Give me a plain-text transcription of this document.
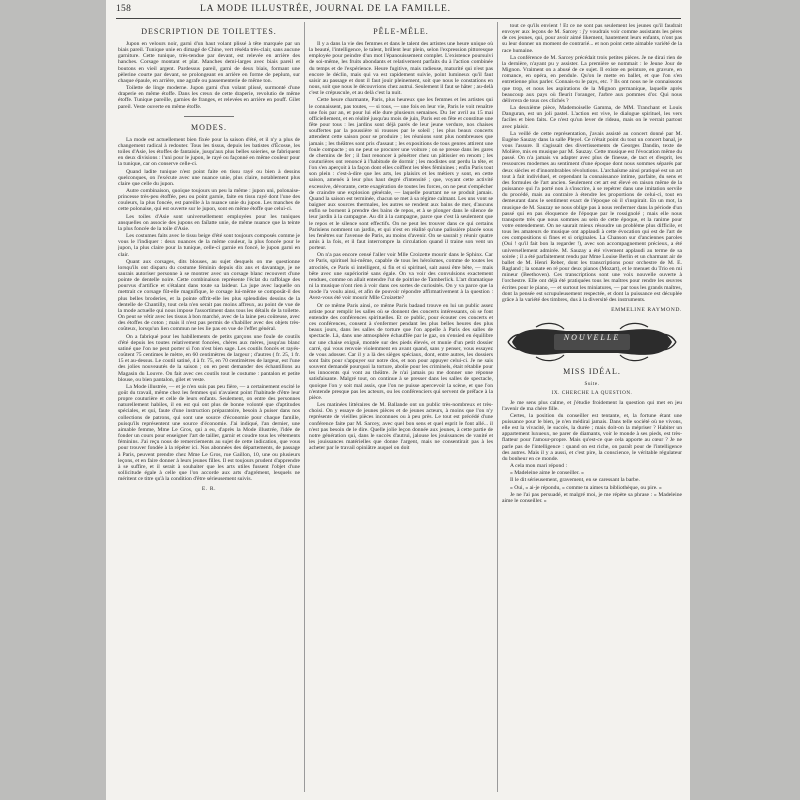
158	LA MODE ILLUSTRÉE, JOURNAL DE LA FAMILLE.
DESCRIPTION DE TOILETTES.

Jupon en velours noir, garni d'un haut volant plissé à tête marquée par un biais pareil. Tunique unie en dimagé de Chine, vert réséda très-clair, sans aucune garniture. Cette tunique, très-tendue par devant, est relevée en arrière des hanches. Corsage montant et plat. Manches demi-larges avec biais pareil et boutons en vieil argent. Pardessus pareil, garni de deux biais, formant une pèlerine courte par devant, se prolongeant en arrière en forme de peplum, sur chaque épaule, en arrière, une agrafe ou passementerie de même ton.

Toilette de linge moderne. Jupon garni d'un volant plissé, surmonté d'une draperie en même étoffe. Dans les creux de cette draperie, revolutio de même étoffe. Tunique pareille, garnies de franges, et relevées en arrière en pouff. Gilet pareil. Veste ouverte en même étoffe.

MODES.

La mode est actuellement bien fixée pour la saison d'été, et il n'y a plus de changement radical à redouter. Tous les tissus, depuis les batistes d'Écosse, les toiles d'Asie, les étoffes de fantaisie, jusqu'aux plus belles soieries, se fabriquent en deux divisions : l'uni pour le jupon, le rayé ou façonné en même couleur pour la tunique, car on conserve celle-ci.

Quand ladite tunique n'est point faite en tissu rayé ou bien à dessins quelconques, on l'exécute avec une nuance unie, plus claire, notablement plus claire que celle du jupon.

Autre combinaison, quoique toujours un peu la même : jupon uni, polonaise-princesse très-peu étoffée, peu ou point garnie, faite en tissu rayé dont l'une des couleurs, la plus foncée, est pareille à la nuance unie du jupon. Les manches de cette polonaise, qui est ouverte sur le jupon, sont en même étoffe que celui-ci.

Les toiles d'Asie sont universellement employées pour les tuniques ansquelles on associe des jupons en faïlatte unie, de même nuance que la teinte la plus foncée de la toile d'Asie.

Les costumes faits avec le tissu beige d'été sont toujours composés comme je vous le l'indiquer : deux nuances de la même couleur, la plus foncée pour le jupon, la plus claire pour la tunique, celle-ci garnie en foncé, le jupon garni en clair.

Quant aux corsages, dits blouses, au sujet desquels on me questionne lorsqu'ils ont disparu du costume féminin depuis dix ans et davantage, je ne saurais autoriser personne à se montrer avec un corsage blanc recouvert d'une pointe de dentelle noire. Cette combinaison représente l'éclat du raffolage des pourvus d'artifice et s'étalant dans toute sa laideur. La jupe avec laquelle on mettrait ce corsage fût-elle magnifique, le corsage lui-même se composât-il des plus belles broderies, et la pointe offrit-elle les plus splendides dessins de la dentelle de Chantilly, tout cela n'en serait pas moins affreux, au point de vue de la mode actuelle qui nous impose l'assortiment dans tous les détails de la toilette. On peut se vêtir avec les tissus à bon marché, avec de la laine peu coûteuse, avec des étoffes de coton ; mais il n'est pas permis de s'habiller avec des objets très-coûteux, lorsqu'un lien commun ne les lie pas en vue de l'effet général.

On a fabriqué pour les habillements de petits garçons une foule de coutils d'été depuis les toutes relativement foncées, chères aux mères, jusqu'au blanc satiné que l'on ne peut porter si l'on n'est bien sage. Les coutils foncés et rayés-coûtent 75 centimes le mètre, en 60 centimètres de largeur ; d'autres ( fr. 25, 1 fr. 15 et au-dessus. Le coutil satiné, 4 à fr. 75, en 70 centimètres de largeur, est l'une des jolies nouveautés de la saison ; on en peut demander des échantillons au Magasin du Louvre. On fait avec ces coutils tout le costume : pantalon et petite blouse, ou bien pantalon, gilet et veste.

La Mode illustrée, — et je n'en suis pas peu fière, — a certainement excité le goût du travail, même chez les femmes qui n'avaient point l'habitude d'être leur propre couturière et celle de leurs enfants. Seulement, on entre des personnes naturellement habiles, il en est qui ont plus de bonne volonté que d'aptitudes spéciales, et qui, faute d'une instruction préparatoire, besoin à puiser dans nos collections de patrons, qui sont une source d'économie pour chaque famille, puisqu'ils représentent une source d'économie. J'ai indiqué, l'an dernier, une aimable femme, Mme Le Gros, qui a eu, d'après la Mode illustrée, l'idée de fonder un cours pour enseigner l'art de tailler, garnir et coudre tous les vêtements féminins. J'ai reçu nous de remerciements au sujet de cette indication, que vous pour trouver fondée à la répéter ici. Nos abonnées des départements, de passage à Paris, peuvent prendre chez Mme Le Gros, rue Gaillon, 10, une ou plusieurs leçons, et en faire donner à leurs jeunes filles. Il est toujours prudent d'apprendre à se suffire, et il serait à souhaiter que les arts utiles fussent l'objet d'une sollicitude égale à celle que l'on accorde aux arts d'agrément, lesquels ne méritent ce titre qu'à la condition d'être sérieusement suivis.

E. R.

PÊLE-MÊLE.

Il y a dans la vie des femmes et dans le talent des artistes une heure unique où la beauté, l'intelligence, le talent, brillent leur plein, selon l'expression pittoresque employée pour peindre d'un mot l'épanouissement complet. L'existence poursuivi de soi-même, les fruits abondants et relativement parfaits du à l'action combinée du temps et de l'expérience. Heure fugitive, mais radieuse, maturité qui n'est pas encore le déclin, mais qui va est rapidement suivie, point lumineux qu'il faut saisir au passage et dont il faut jouir pleinement, soit que nous le constations en nous, soit que nous le découvrions chez autrui. Seulement il faut se hâter ; au-delà c'est le crépuscule, et au delà c'est la nuit.

Cette heure charmante, Paris, plus heureux que les femmes et les artistes qui le connaissent, pas toutes, — si tous, — une fois en leur vie, Paris le voit renaître une fois par an, et pour lui elle dure plusieurs semaines. Du 1er avril au 15 mai officiellement, et en réalité jusqu'au mois de juin, Paris est en fête et constitue une fête pour tous : les jardins sont déjà parés de leur jeune verdure, nos chaises souffertes par la poussière ni rousses par le soleil ; les plus beaux concerts attendent cette saison pour se produire ; les réunions sont plus nombreuses que jamais ; les théâtres sont pris d'assaut ; les expositions de tous genres attirent une foule compacte ; on ne peut se procurer une voiture ; on se presse dans les gares de chemins de fer ; il faut renoncer à pénétrer chez un pâtissier en renom ; les couturières ont renoncé à l'habitude de dormir ; les modistes ont perdu la tête, et l'on s'en aperçoit à la façon dont elles coiffent les têtes féminines ; enfin Paris tout son plein : c'est-à-dire que les arts, les plaisirs et les métiers y sont, en cette saison, amenés à leur plus haut degré d'intensité ; que, voyant cette activité excessive, dévorante, cette exagération de toutes les forces, on ne peut s'empêcher de craindre une explosion générale, — laquelle pourtant ne se produit jamais. Quand la saison est terminée, chacun se met à sa régime calmant. Les uns vont se baigner aux sources thermales, les autres se rendent aux bains de mer, d'aucuns enfin se bornent à prendre des bains de repos, et à se plonger dans le silence de leur jardin à la campagne. Au dit à la campagne, parce que c'est là seulement que le repos et le silence sont effectifs. On ne peut les trouver dans ce qui certains Parisiens nomment un jardin, et qui n'est en réalité qu'une palissière placée sous les fenêtres sur l'avenue de Paris, au moins d'avenir. On se saurait y réunir quatre amis à la fois, et il faut interrompre la circulation quand il traine son vent un porteur.

On n'a pas encore censé l'aller voir Mlle Croizette mourir dans le Sphinx. Car ce Paris, spirituel lui-même, capable de tous les héroïsmes, comme de toutes les atrocités, ce Paris si intelligent, si fin et si spirituel, sait aussi être bête, — mais bête avec une supériorité sans égale. On va voir des convulsions exactement rendues, comme on allait entendre l'ut de poitrine de Tamberlick. L'art dramatique ni la musique n'ont rien à voir dans ces sortes de curiosités. On y va parce que la mode l'a voulu ainsi, et afin de pouvoir répondre affirmativement à la question : Avez-vous été voir mourir Mlle Croizette?

Or ce même Paris ainsi, ce même Paris badaud trouve en lui un public assez artiste pour remplir les salles où se donnent des concerts intéressants, où se font entendre des conférences spirituelles. Et ce public, pour écouter ces concerts et ces conférences, consent à s'enfermer pendant les plus belles heures des plus beaux jours, dans les salles de torture que l'on appelle à Paris des salles de spectacle. Là, dans une atmosphère échauffée par le gaz, on s'ensied en équilibre sur une chaise exiguë, montée sur des pieds élevés, et munie d'un petit dossier carré, qui vous renvoie violemment en avant quand, sans y penser, vous essayez de vous adosser. Car il y a là des sièges spéciaux, dont, entre autres, les dossiers sont faits pour s'appuyer sur notre dos, et non pour appuyer celui-ci. Je ne sais souvent demandé pourquoi la torture, abolie pour les criminels, était rétablie pour les innocents qui vont au théâtre. Je n'ai jamais pu me donner une réponse satisfaisante. Malgré tout, on continue à se presser dans les salles de spectacle, quoique l'on y soit mal assis, que l'on ne puisse apercevoir la scène, et que l'on n'entende presque pas les acteurs, ou les conférenciers qui servent de préface à la pièce.

Les matinées littéraires de M. Ballande ont un public très-nombreux et très-choisi. On y essaye de jeunes pièces et de jeunes acteurs, à moins que l'on n'y représente de vieilles pièces inconnues ou à peu près. Le tout est précédé d'une conférence faite par M. Sarcey, avec quel bon sens et quel esprit le font allé... il n'est pas besoin de le dire. Quelle jolie leçon donnée aux jeunes, à cette partie de notre génération qui, dans le succès d'autrui, jalouse les jouissances de vanité et les jouissances matérielles que donne l'argent, mais ne consentirait pas à les acheter par le travail opiniâtre auquel on doit

tout ce qu'ils envient ! Et ce ne sont pas seulement les jeunes qu'il faudrait envoyer aux leçons de M. Sarcey : j'y voudrais voir comme assistants les pères de ces jeunes, qui, pour avoir aimé likement, hautement leurs enfants, n'ont pas su leur donner un moment de contrarié... et non point cette aimable variété de la race humaine.

La conférence de M. Sarcey précédait trois petites pièces. Je ne dirai rien de la dernière, n'ayant pu y assister. La première se nommait : le Jeune Jour de Mignon. Vraiment on a abusé de ce sujet. Il existe en peinture, en gravure, en romance, en opéra, en pendule. Qu'on le mette en ballet, et que l'on s'en entretienne plus parler. Connais-tu le pays, etc. ? Ils ont nous ne le connaissons que trop, et nous les aspirations de la Mignon germanique, laquelle après beaucoup aux pays où fleurit l'oranger, l'arbre aux pommes d'or. Qui nous délivrera de tous ces clichés ?

La deuxième pièce, Mademoiselle Gamma, de MM. Tranchant et Louis Danguran, est un joli pastel. L'action est vive, le dialogue spirituel, les vers faciles et bien faits. Ce n'est qu'un lever de rideau, mais on le verrait partout avec plaisir.

La veillé de cette représentation, j'avais assisté au concert donné par M. Eugène Sauzay dans la salle Pleyel. Ce n'était point du tout un concert banal, je vous l'assure. Il s'agissait des divertissements de Georges Dandin, texte de Molière, mis en musique par M. Sauzay. Cette musique est l'évocation même du passé. On n'a jamais vu adapter avec plus de finesse, de tact et d'esprit, les ressources modernes au sentiment d'une époque dont nous sommes séparés par deux siècles et d'innombrables révolutions. L'archaïsme ainsi pratiqué est un art tout à fait individuel, et cependant la connaissance intime, parfaite, du sens et des formules de l'art ancien. Seulement cet art est élevé en raison même de la puissance qui l'a porté non à s'inscrire, à se repétrer dans une imitation servile du procédé, mais au contraire à étendre les proportions de celui-ci, tout en demeurant dans le sentiment exact de l'époque où il s'inspirait. En un mot, la musique de M. Sauzay ne nous oblige pas à nous renfermer dans la période d'un passé qui en pas éloquence de l'époque par le rossignolé ; mais elle nous transporte très que nous sommes au sein de cette époque, et la ranime pour votre entendement. On ne saurait mieux résoudre un problème plus difficile, et tous les amateurs de musique ont applaudi à cette évocation qui est de l'art de ces compositions si fines et si originales. La Chanson sur d'anciennes paroles (Oui ! qu'il fait bon la regarder !), avec son accompagnement précieux, a été universellement admirée. M. Sauzay a été vivement applaudi au terme de sa soirée ; il a été parfaitement rendu par Mme Louise Berlin et un charmant air de ballet de M. Henri Reber, dont les transcriptions pour orchestre de M. E. Ragland ; la sonate en ré pour deux pianos (Mozart), et le menuet du Trio en mi mineur (Beethoven). Ces transcriptions sont une voix nouvelle ouverte à l'orchestre. Elle ont déjà été pratiquées tous les maîtres pour rendre les œuvres écrites pour le piano, — et surtout les miniatures, — par tous les grands maîtres, dont la pensée est scrupuleusement respectée, et dont la puissance est décuplée grâce à la variété des timbres, dus à la diversité des instruments.

EMMELINE RAYMOND.

NOUVELLE
MISS IDÉAL.
Suite.
IX. CHERCHE LA QUESTION.

Je me sens plus calme, et j'étudie froidement la question qui met en jeu l'avenir de ma chère fille.

Certes, la position du conseiller est tentante, et, la fortune étant une puissance pour le bien, je n'en médirai jamais. Dans telle société où ne vivons, elle est la vivacité, le succès, la durée ; mais doit-on la mépriser ? Habiter un appartement luxueux, ne parer de diamants, voir le monde à ses pieds, est très-flatteur pour l'amour-propre. Mais qu'est-ce que cela apporte au cœur ? Je ne parle pas de l'intelligence : quand on est riche, on paraît pour de l'intelligence des autres. Mais il y a aussi, et c'est pire, la conscience, le véritable régulateur du bonheur en ce monde.

A cela mon mari répond :

« Madeleine aime le conseiller. »

Il le dit sérieusement, gravement, en se caressant la barbe.

« Oui, » ai-je répondu, « comme tu aimes ta bibliothèque, ou pire. »

Je ne l'ai pas persuadé, et malgré moi, je me répète sa phrase : « Madeleine aime le conseiller. »
